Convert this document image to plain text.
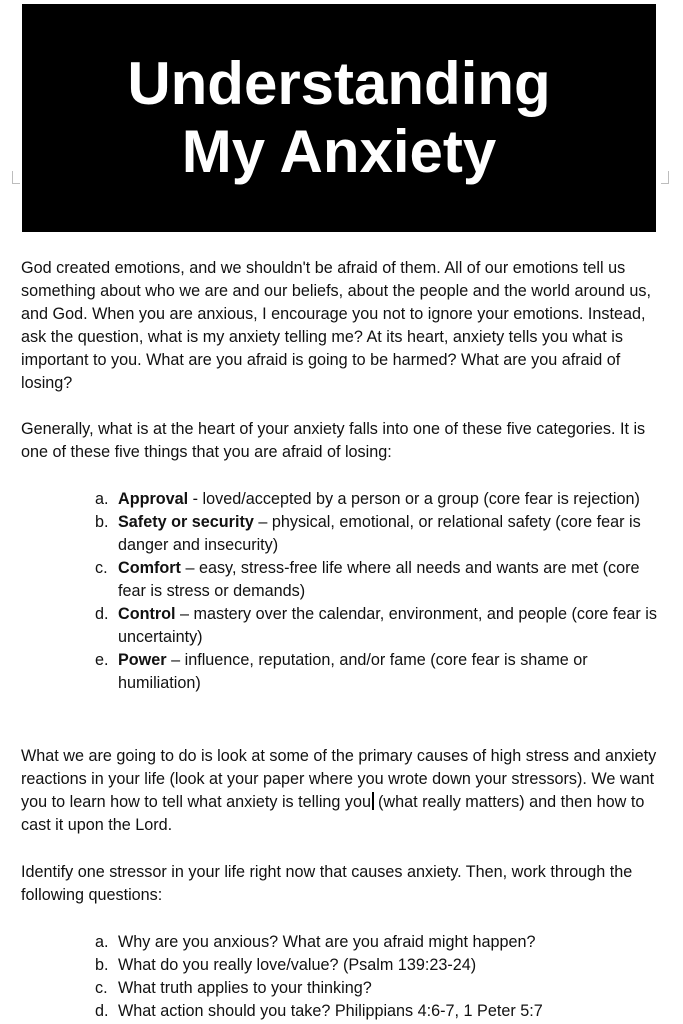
Understanding
My Anxiety

God created emotions, and we shouldn't be afraid of them. All of our emotions tell us something about who we are and our beliefs, about the people and the world around us, and God. When you are anxious, I encourage you not to ignore your emotions. Instead, ask the question, what is my anxiety telling me? At its heart, anxiety tells you what is important to you. What are you afraid is going to be harmed? What are you afraid of losing?

Generally, what is at the heart of your anxiety falls into one of these five categories. It is one of these five things that you are afraid of losing:

a. Approval - loved/accepted by a person or a group (core fear is rejection)
b. Safety or security – physical, emotional, or relational safety (core fear is danger and insecurity)
c. Comfort – easy, stress-free life where all needs and wants are met (core fear is stress or demands)
d. Control – mastery over the calendar, environment, and people (core fear is uncertainty)
e. Power – influence, reputation, and/or fame (core fear is shame or humiliation)

What we are going to do is look at some of the primary causes of high stress and anxiety reactions in your life (look at your paper where you wrote down your stressors). We want you to learn how to tell what anxiety is telling you (what really matters) and then how to cast it upon the Lord.

Identify one stressor in your life right now that causes anxiety. Then, work through the following questions:

a. Why are you anxious? What are you afraid might happen?
b. What do you really love/value? (Psalm 139:23-24)
c. What truth applies to your thinking?
d. What action should you take? Philippians 4:6-7, 1 Peter 5:7
